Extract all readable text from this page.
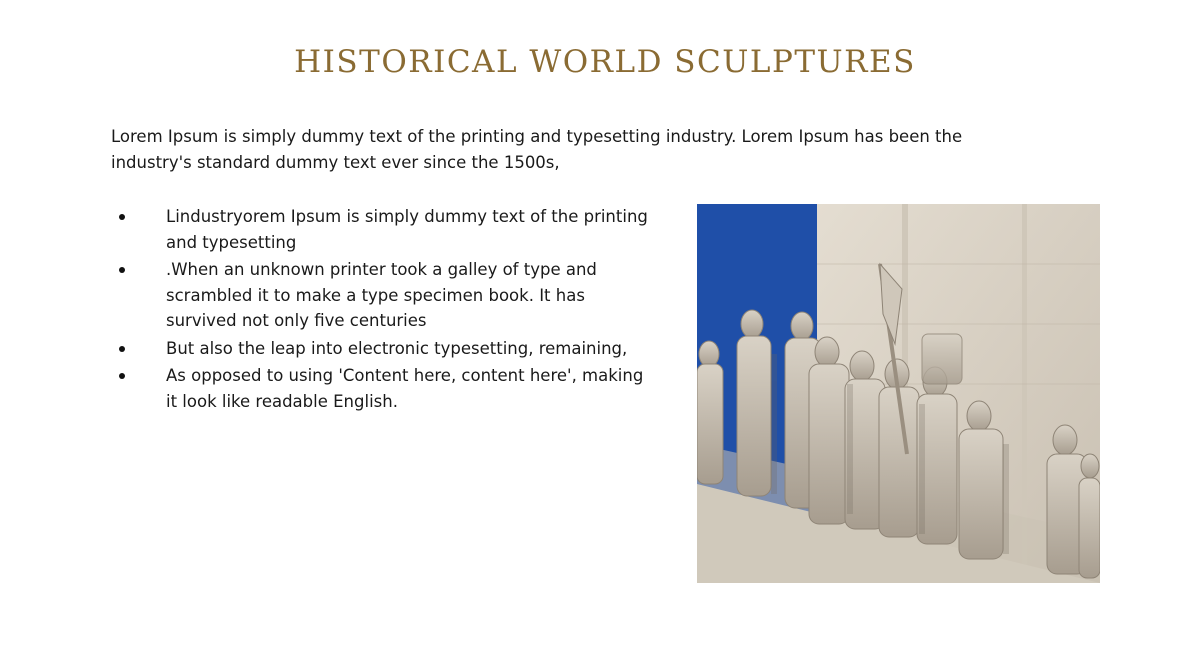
HISTORICAL WORLD SCULPTURES

Lorem Ipsum is simply dummy text of the printing and typesetting industry. Lorem Ipsum has been the industry's standard dummy text ever since the 1500s,

Lindustryorem Ipsum is simply dummy text of the printing and typesetting
.When an unknown printer took a galley of type and scrambled it to make a type specimen book. It has survived not only five centuries
But also the leap into electronic typesetting, remaining,
As opposed to using 'Content here, content here', making it look like readable English.
